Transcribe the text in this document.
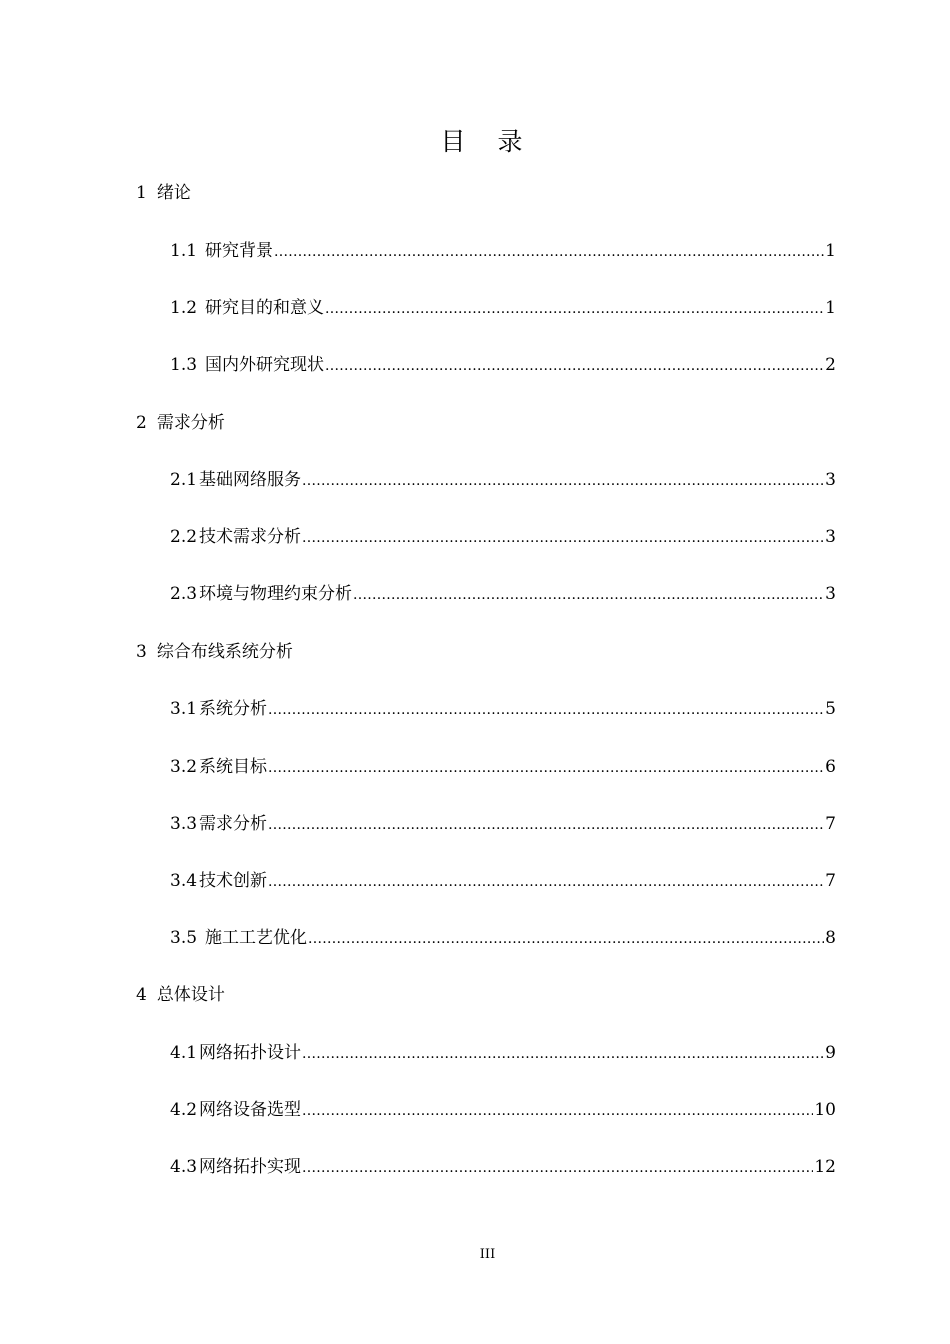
目 录
1 绪论
1.1 研究背景 .....	1
1.2 研究目的和意义 .....	1
1.3 国内外研究现状 .....	2
2 需求分析
2.1 基础网络服务 .....	3
2.2 技术需求分析 .....	3
2.3 环境与物理约束分析 .....	3
3 综合布线系统分析
3.1 系统分析 .....	5
3.2 系统目标 .....	6
3.3 需求分析 .....	7
3.4 技术创新 .....	7
3.5 施工工艺优化 .....	8
4 总体设计
4.1 网络拓扑设计 .....	9
4.2 网络设备选型 .....	10
4.3 网络拓扑实现 .....	12
III
